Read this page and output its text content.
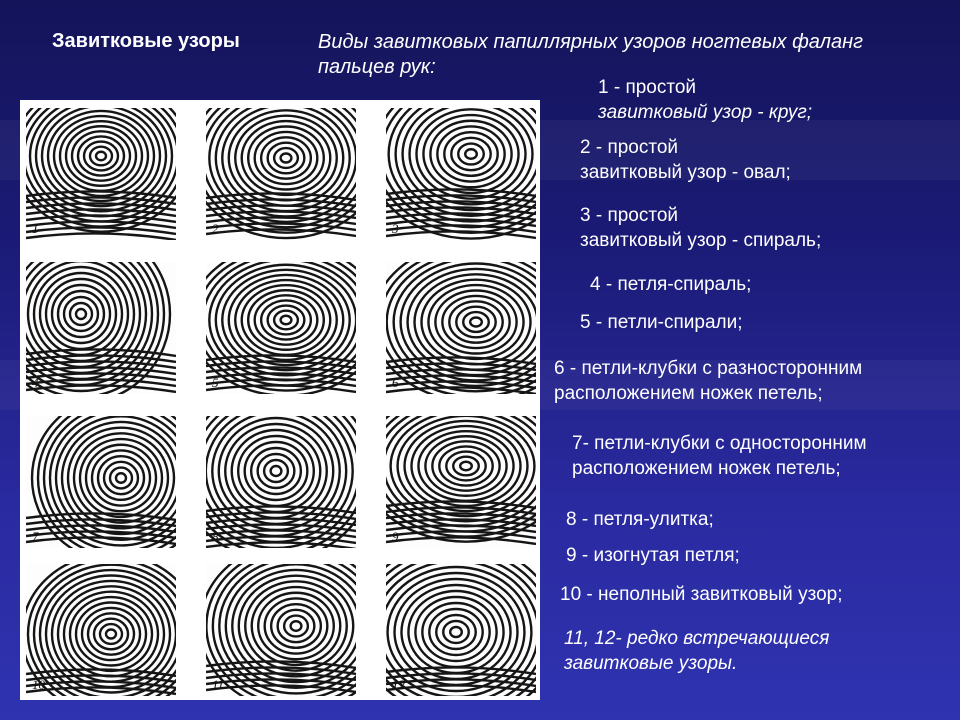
Завитковые узоры	Виды завитковых папиллярных узоров ногтевых фаланг пальцев рук:
1	2	3
4	5	6
7	8	9
10	11	12
1 - простой
завитковый узор - круг;
2 - простой
завитковый узор - овал;
3 - простой
завитковый узор - спираль;
4 - петля-спираль;
5 - петли-спирали;
6 - петли-клубки с разносторонним
расположением ножек петель;
7- петли-клубки с односторонним
расположением ножек петель;
8 - петля-улитка;
9 - изогнутая петля;
10 - неполный завитковый узор;
11, 12- редко встречающиеся
завитковые узоры.
